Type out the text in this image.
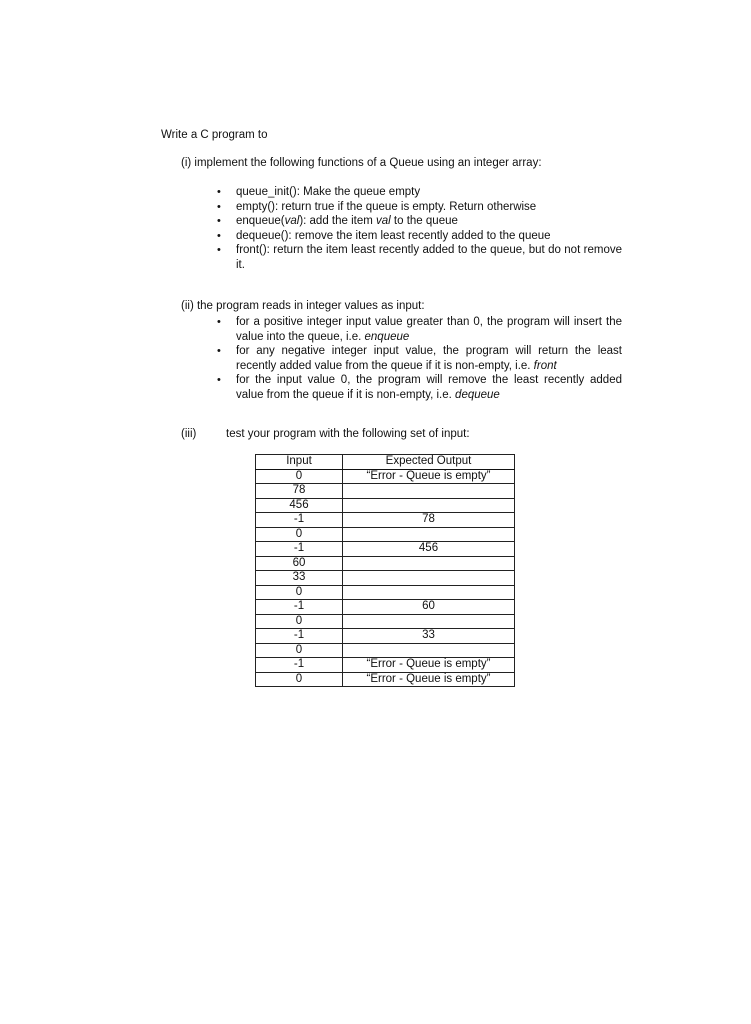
Write a C program to
(i) implement the following functions of a Queue using an integer array:
• queue_init(): Make the queue empty
• empty(): return true if the queue is empty. Return otherwise
• enqueue(val): add the item val to the queue
• dequeue(): remove the item least recently added to the queue
• front(): return the item least recently added to the queue, but do not remove it.
(ii) the program reads in integer values as input:
• for a positive integer input value greater than 0, the program will insert the value into the queue, i.e. enqueue
• for any negative integer input value, the program will return the least recently added value from the queue if it is non-empty, i.e. front
• for the input value 0, the program will remove the least recently added value from the queue if it is non-empty, i.e. dequeue
(iii)	test your program with the following set of input:
Input	Expected Output
0	“Error - Queue is empty”
78	
456	
-1	78
0	
-1	456
60	
33	
0	
-1	60
0	
-1	33
0	
-1	“Error - Queue is empty”
0	“Error - Queue is empty”
